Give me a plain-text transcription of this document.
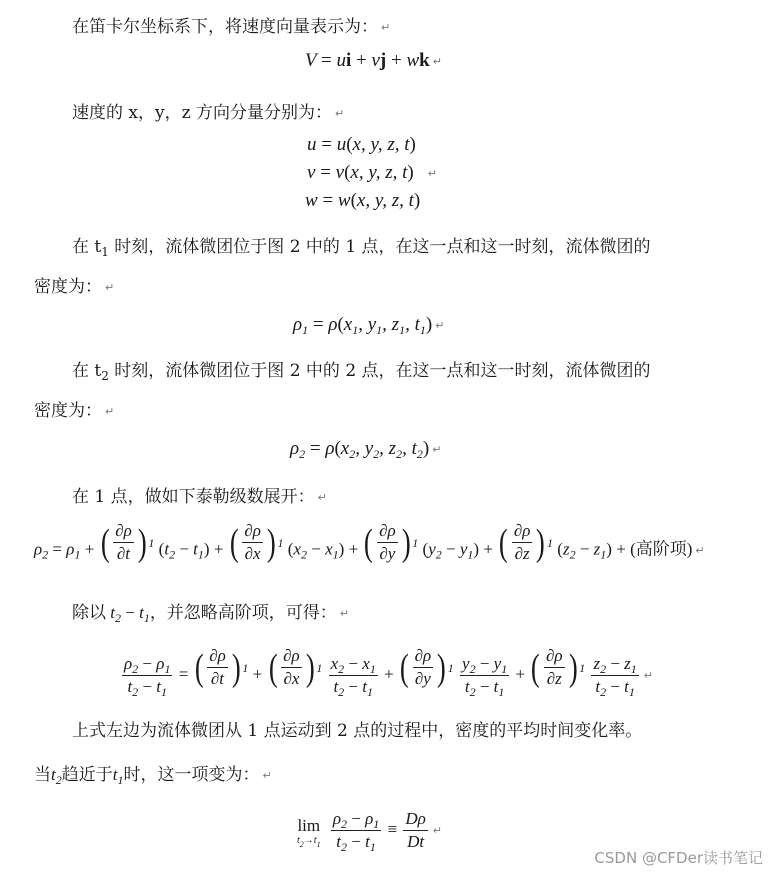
在笛卡尔坐标系下，将速度向量表示为： ↵
V = ui + vj + wk ↵
速度的 x，y，z 方向分量分别为： ↵
u = u(x, y, z, t)
v = v(x, y, z, t) ↵
w = w(x, y, z, t)
在 $t_1$ 时刻，流体微团位于图 2 中的 1 点，在这一点和这一时刻，流体微团的
密度为： ↵
$\rho_1 = \rho(x_1$, $y_1$, $z_1$, $t_1$) ↵
在 $t_2$ 时刻，流体微团位于图 2 中的 2 点，在这一点和这一时刻，流体微团的
密度为： ↵
$\rho_2 = \rho(x_2$, $y_2$, $z_2$, $t_2$) ↵
在 1 点，做如下泰勒级数展开： ↵
$\rho_2 = \rho_1$ + ( $\frac{\partial\rho}{\partial t}$ ) 1 $(t_2 - t_1)$ + ( $\frac{\partial\rho}{\partial x}$ ) 1 $(x_2 - x_1)$ + ( $\frac{\partial\rho}{\partial y}$ ) 1 $(y_2 - y_1)$ + ( $\frac{\partial\rho}{\partial z}$ ) 1 $(z_2 - z_1)$ + (高阶项) ↵
除以 $t_2 - t_1$，并忽略高阶项，可得： ↵
$\frac{\rho_2 - \rho_1}{t_2 - t_1}$ = ( $\frac{\partial\rho}{\partial t}$ ) 1 + ( $\frac{\partial\rho}{\partial x}$ ) 1
$\frac{x_2 - x_1}{t_2 - t_1}$ + ( $\frac{\partial\rho}{\partial y}$ ) 1
$\frac{y_2 - y_1}{t_2 - t_1}$ + ( $\frac{\partial\rho}{\partial z}$ ) 1
$\frac{z_2 - z_1}{t_2 - t_1}$ ↵
上式左边为流体微团从 1 点运动到 2 点的过程中，密度的平均时间变化率。
当$t_2$趋近于$t_1$时，这一项变为： ↵
lim
$t_2\to t_1$
$\frac{\rho_2 - \rho_1}{t_2 - t_1} \equiv \frac{D\rho}{Dt}$ ↵
CSDN @CFDer读书笔记
